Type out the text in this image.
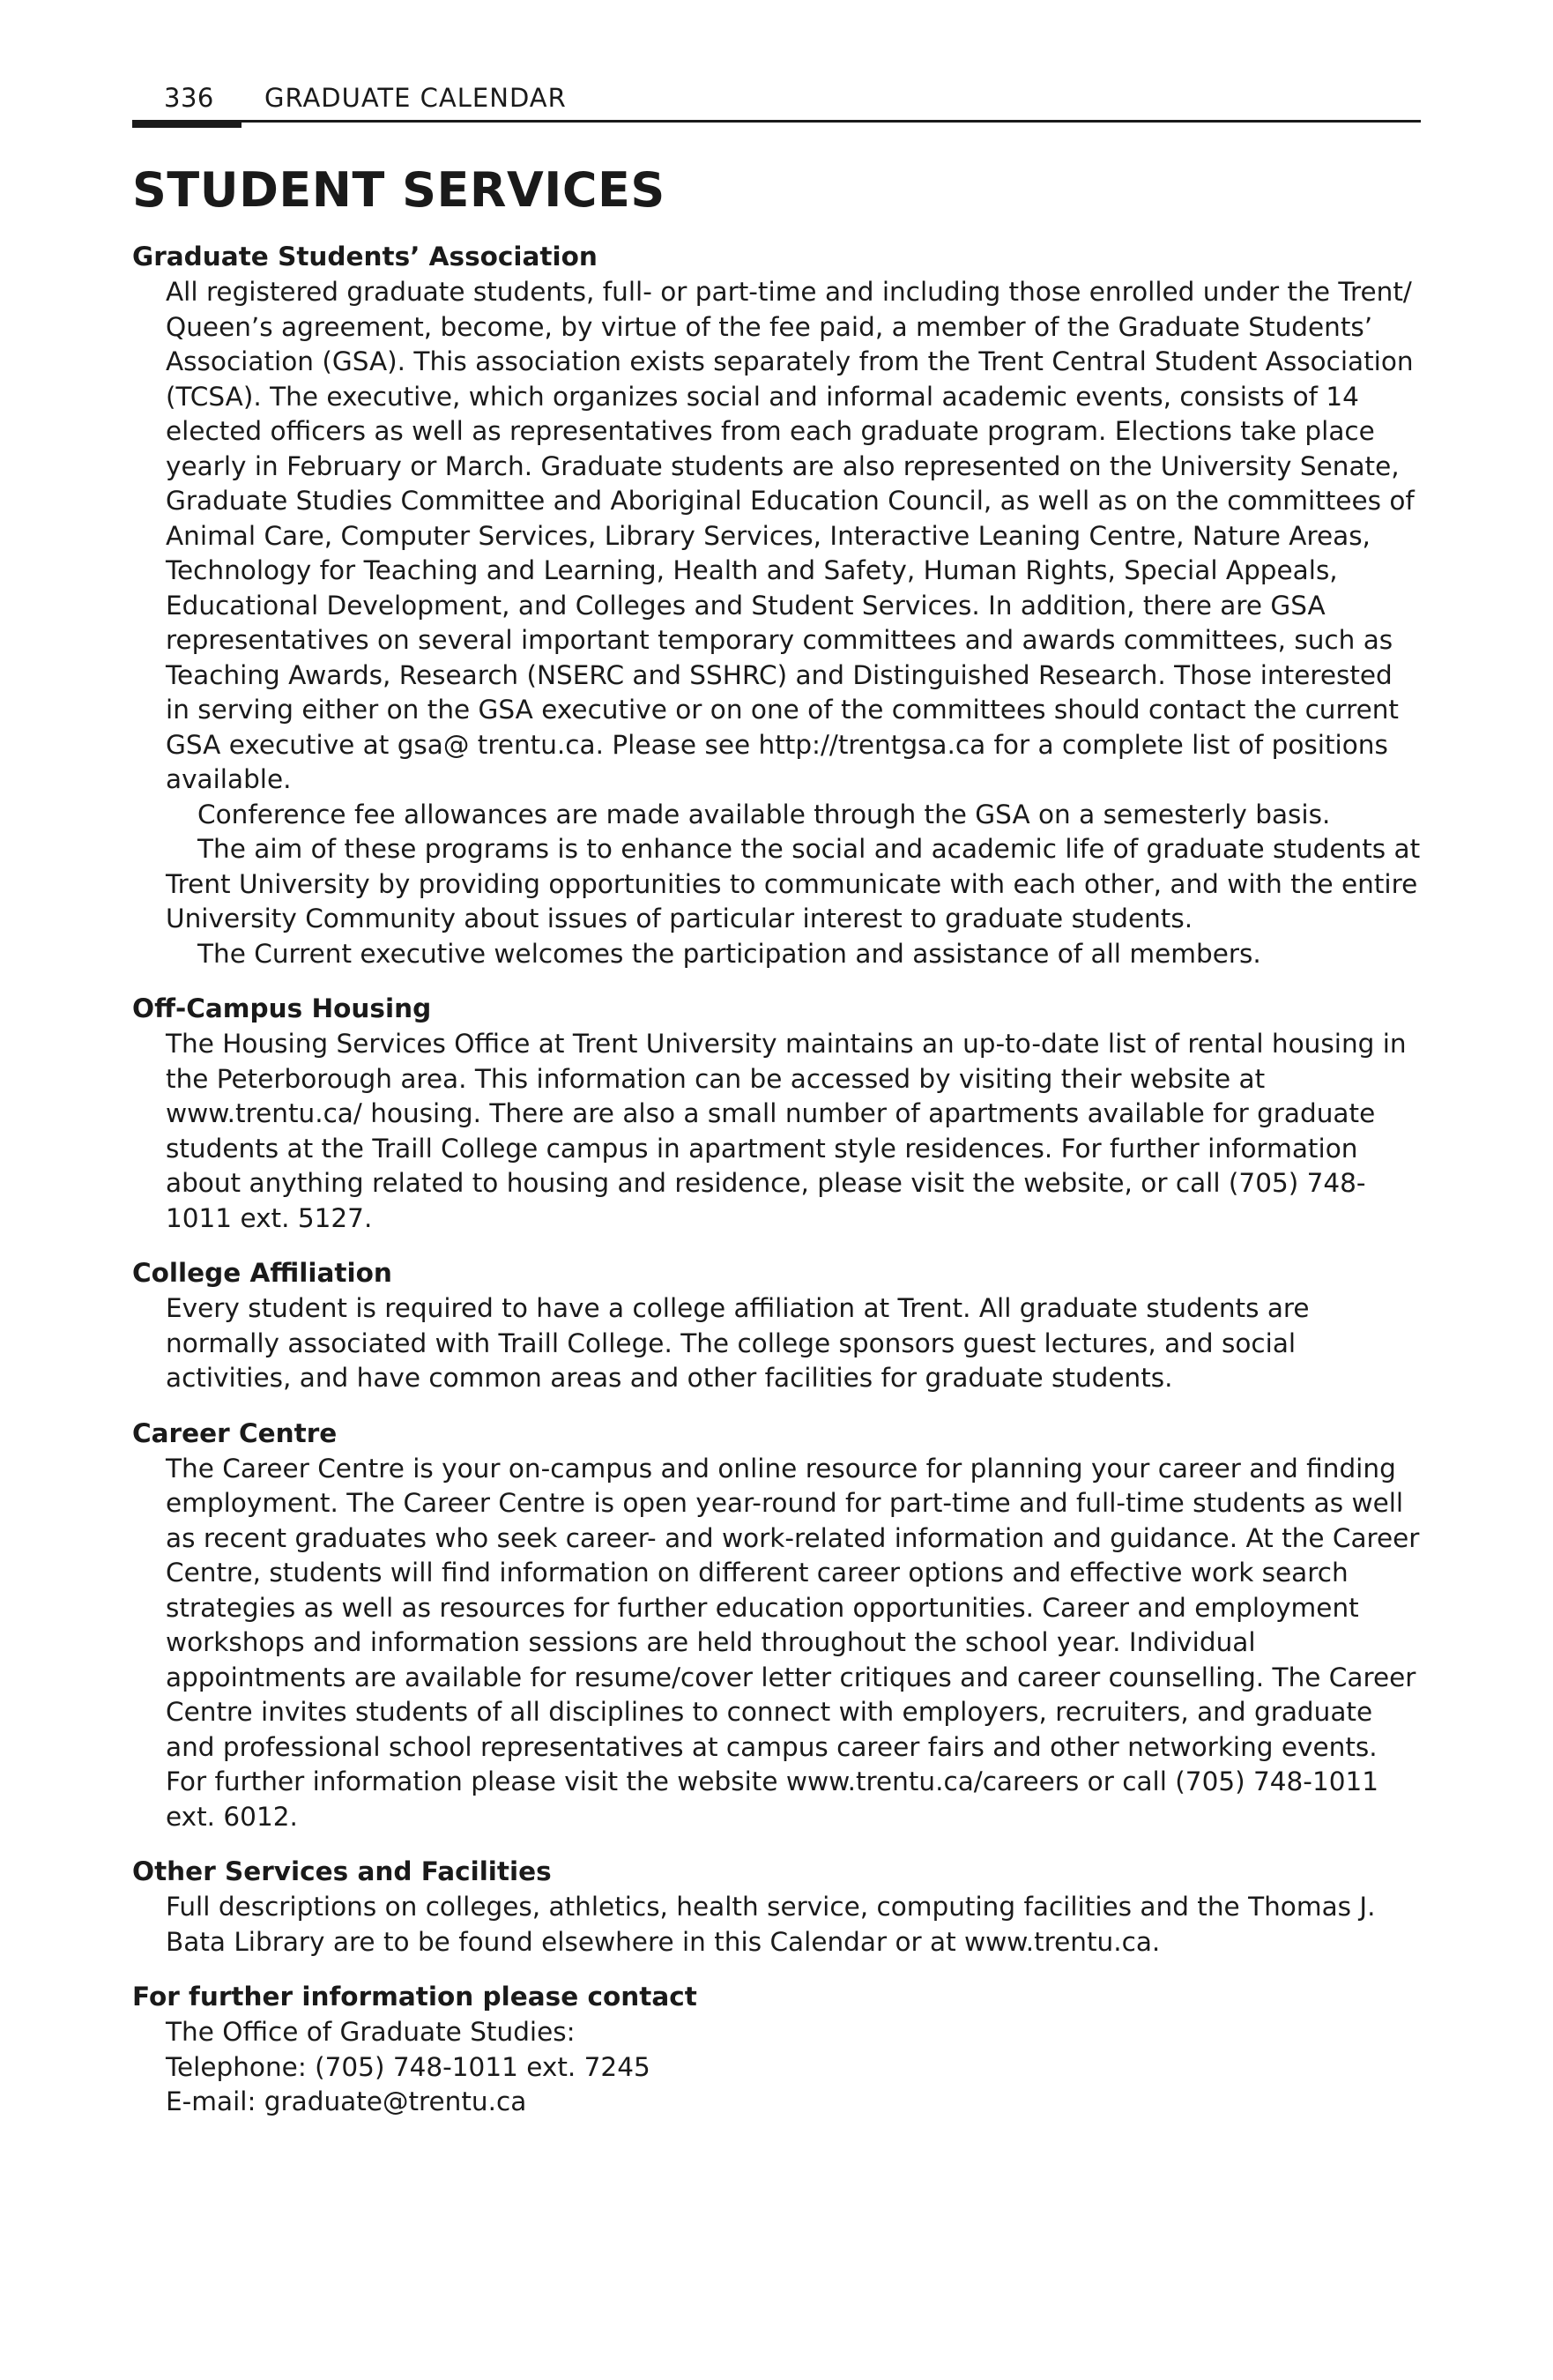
336 GRADUATE CALENDAR
STUDENT SERVICES
Graduate Students’ Association

All registered graduate students, full- or part-time and including those enrolled under the Trent/ Queen’s agreement, become, by virtue of the fee paid, a member of the Graduate Students’ Association (GSA). This association exists separately from the Trent Central Student Association (TCSA). The executive, which organizes social and informal academic events, consists of 14 elected officers as well as representatives from each graduate program. Elections take place yearly in February or March. Graduate students are also represented on the University Senate, Graduate Studies Committee and Aboriginal Education Council, as well as on the committees of Animal Care, Computer Services, Library Services, Interactive Leaning Centre, Nature Areas, Technology for Teaching and Learning, Health and Safety, Human Rights, Special Appeals, Educational Development, and Colleges and Student Services. In addition, there are GSA representatives on several important temporary committees and awards committees, such as Teaching Awards, Research (NSERC and SSHRC) and Distinguished Research. Those interested in serving either on the GSA executive or on one of the committees should contact the current GSA executive at gsa@ trentu.ca. Please see http://trentgsa.ca for a complete list of positions available.

Conference fee allowances are made available through the GSA on a semesterly basis.

The aim of these programs is to enhance the social and academic life of graduate students at Trent University by providing opportunities to communicate with each other, and with the entire University Community about issues of particular interest to graduate students.

The Current executive welcomes the participation and assistance of all members.

Off-Campus Housing

The Housing Services Office at Trent University maintains an up-to-date list of rental housing in the Peterborough area. This information can be accessed by visiting their website at www.trentu.ca/ housing. There are also a small number of apartments available for graduate students at the Traill College campus in apartment style residences. For further information about anything related to housing and residence, please visit the website, or call (705) 748-1011 ext. 5127.

College Affiliation

Every student is required to have a college affiliation at Trent. All graduate students are normally associated with Traill College. The college sponsors guest lectures, and social activities, and have common areas and other facilities for graduate students.

Career Centre

The Career Centre is your on-campus and online resource for planning your career and finding employment. The Career Centre is open year-round for part-time and full-time students as well as recent graduates who seek career- and work-related information and guidance. At the Career Centre, students will find information on different career options and effective work search strategies as well as resources for further education opportunities. Career and employment workshops and information sessions are held throughout the school year. Individual appointments are available for resume/cover letter critiques and career counselling. The Career Centre invites students of all disciplines to connect with employers, recruiters, and graduate and professional school representatives at campus career fairs and other networking events. For further information please visit the website www.trentu.ca/careers or call (705) 748-1011 ext. 6012.

Other Services and Facilities

Full descriptions on colleges, athletics, health service, computing facilities and the Thomas J. Bata Library are to be found elsewhere in this Calendar or at www.trentu.ca.

For further information please contact
The Office of Graduate Studies:
Telephone: (705) 748-1011 ext. 7245
E-mail: graduate@trentu.ca
